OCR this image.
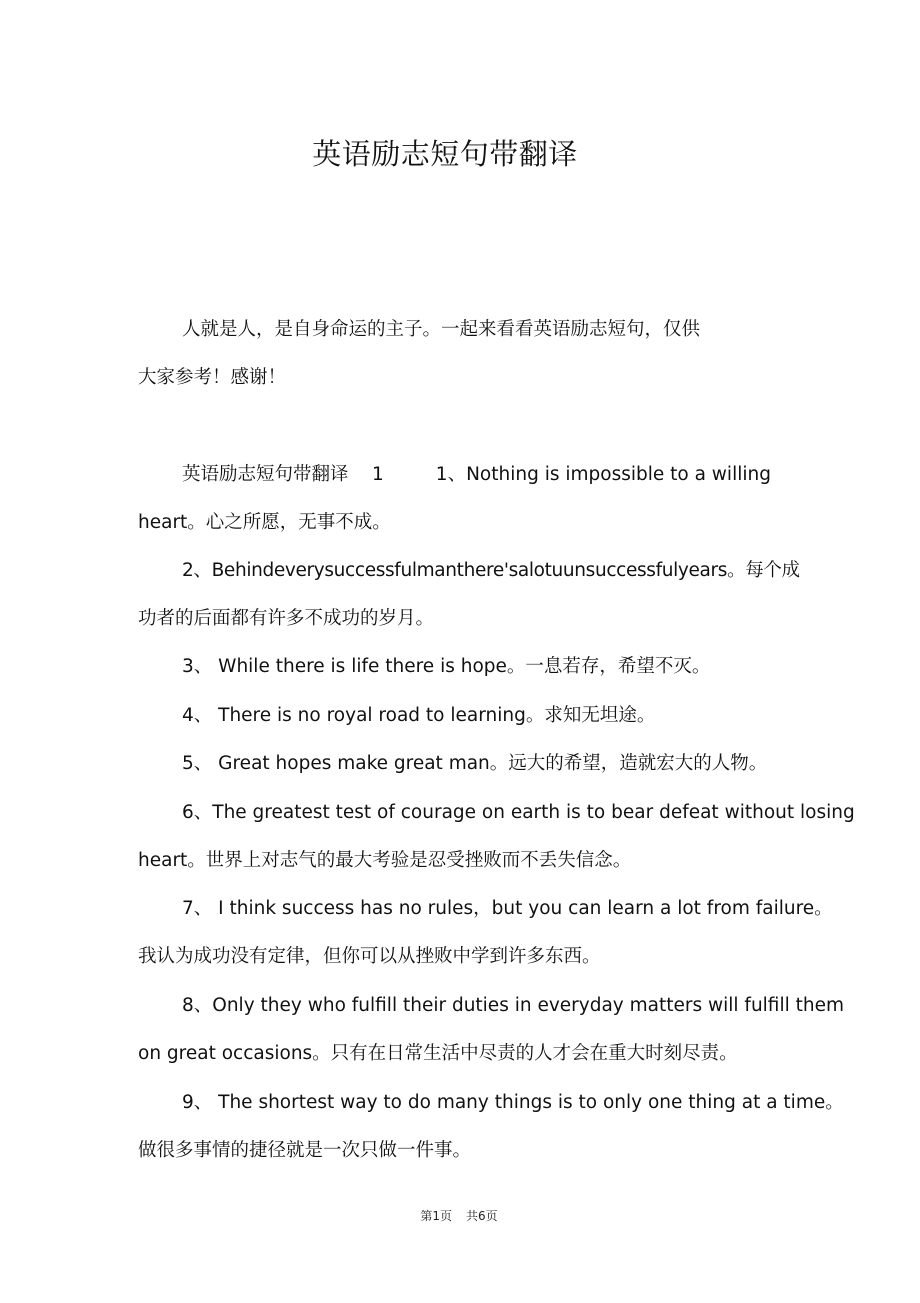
英语励志短句带翻译
人就是人，是自身命运的主子。一起来看看英语励志短句，仅供
大家参考！感谢！
英语励志短句带翻译    1	1、Nothing is impossible to a willing
heart。心之所愿，无事不成。
2、Behindeverysuccessfulmanthere'salotuunsuccessfulyears。每个成
功者的后面都有许多不成功的岁月。
3、 While there is life there is hope。一息若存，希望不灭。
4、 There is no royal road to learning。求知无坦途。
5、 Great hopes make great man。远大的希望，造就宏大的人物。
6、The greatest test of courage on earth is to bear defeat without losing
heart。世界上对志气的最大考验是忍受挫败而不丢失信念。
7、 I think success has no rules，but you can learn a lot from failure。
我认为成功没有定律，但你可以从挫败中学到许多东西。
8、Only they who fulfill their duties in everyday matters will fulfill them
on great occasions。只有在日常生活中尽责的人才会在重大时刻尽责。
9、 The shortest way to do many things is to only one thing at a time。
做很多事情的捷径就是一次只做一件事。
第1页 共6页
